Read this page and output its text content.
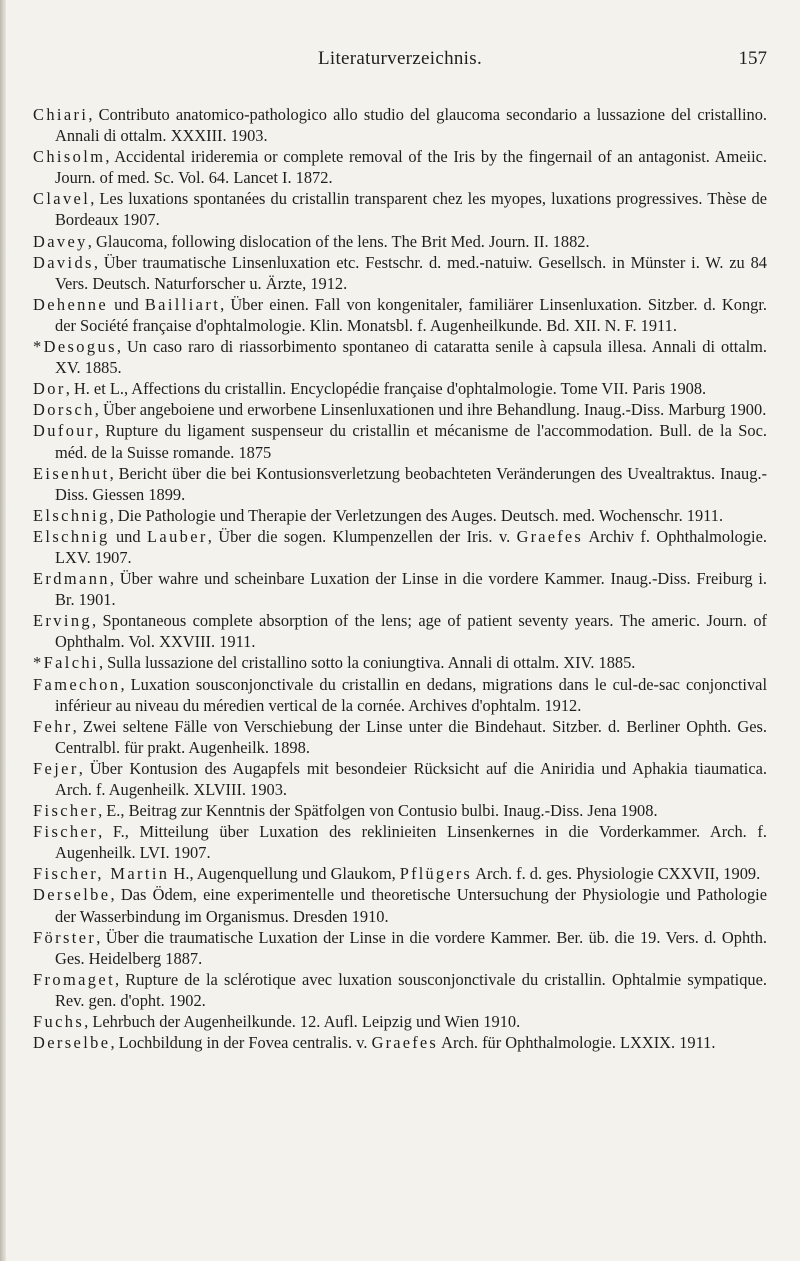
Literaturverzeichnis.	157

Chiari, Contributo anatomico-pathologico allo studio del glaucoma secondario a lussazione del cristallino. Annali di ottalm. XXXIII. 1903.

Chisolm, Accidental irideremia or complete removal of the Iris by the fingernail of an antagonist. Ameiic. Journ. of med. Sc. Vol. 64. Lancet I. 1872.

Clavel, Les luxations spontanées du cristallin transparent chez les myopes, luxations progressives. Thèse de Bordeaux 1907.

Davey, Glaucoma, following dislocation of the lens. The Brit Med. Journ. II. 1882.

Davids, Über traumatische Linsenluxation etc. Festschr. d. med.-natuiw. Gesellsch. in Münster i. W. zu 84 Vers. Deutsch. Naturforscher u. Ärzte, 1912.

Dehenne und Bailliart, Über einen. Fall von kongenitaler, familiärer Linsenluxation. Sitzber. d. Kongr. der Société française d'ophtalmologie. Klin. Monatsbl. f. Augenheilkunde. Bd. XII. N. F. 1911.

*Desogus, Un caso raro di riassorbimento spontaneo di cataratta senile à capsula illesa. Annali di ottalm. XV. 1885.

Dor, H. et L., Affections du cristallin. Encyclopédie française d'ophtalmologie. Tome VII. Paris 1908.

Dorsch, Über angeboiene und erworbene Linsenluxationen und ihre Behandlung. Inaug.-Diss. Marburg 1900.

Dufour, Rupture du ligament suspenseur du cristallin et mécanisme de l'accommodation. Bull. de la Soc. méd. de la Suisse romande. 1875

Eisenhut, Bericht über die bei Kontusionsverletzung beobachteten Veränderungen des Uvealtraktus. Inaug.-Diss. Giessen 1899.

Elschnig, Die Pathologie und Therapie der Verletzungen des Auges. Deutsch. med. Wochenschr. 1911.

Elschnig und Lauber, Über die sogen. Klumpenzellen der Iris. v. Graefes Archiv f. Ophthalmologie. LXV. 1907.

Erdmann, Über wahre und scheinbare Luxation der Linse in die vordere Kammer. Inaug.-Diss. Freiburg i. Br. 1901.

Erving, Spontaneous complete absorption of the lens; age of patient seventy years. The americ. Journ. of Ophthalm. Vol. XXVIII. 1911.

*Falchi, Sulla lussazione del cristallino sotto la coniungtiva. Annali di ottalm. XIV. 1885.

Famechon, Luxation sousconjonctivale du cristallin en dedans, migrations dans le cul-de-sac conjonctival inférieur au niveau du méredien vertical de la cornée. Archives d'ophtalm. 1912.

Fehr, Zwei seltene Fälle von Verschiebung der Linse unter die Bindehaut. Sitzber. d. Berliner Ophth. Ges. Centralbl. für prakt. Augenheilk. 1898.

Fejer, Über Kontusion des Augapfels mit besondeier Rücksicht auf die Aniridia und Aphakia tiaumatica. Arch. f. Augenheilk. XLVIII. 1903.

Fischer, E., Beitrag zur Kenntnis der Spätfolgen von Contusio bulbi. Inaug.-Diss. Jena 1908.

Fischer, F., Mitteilung über Luxation des reklinieiten Linsenkernes in die Vorderkammer. Arch. f. Augenheilk. LVI. 1907.

Fischer, Martin H., Augenquellung und Glaukom, Pflügers Arch. f. d. ges. Physiologie CXXVII, 1909.

Derselbe, Das Ödem, eine experimentelle und theoretische Untersuchung der Physiologie und Pathologie der Wasserbindung im Organismus. Dresden 1910.

Förster, Über die traumatische Luxation der Linse in die vordere Kammer. Ber. üb. die 19. Vers. d. Ophth. Ges. Heidelberg 1887.

Fromaget, Rupture de la sclérotique avec luxation sousconjonctivale du cristallin. Ophtalmie sympatique. Rev. gen. d'opht. 1902.

Fuchs, Lehrbuch der Augenheilkunde. 12. Aufl. Leipzig und Wien 1910.

Derselbe, Lochbildung in der Fovea centralis. v. Graefes Arch. für Ophthalmologie. LXXIX. 1911.
